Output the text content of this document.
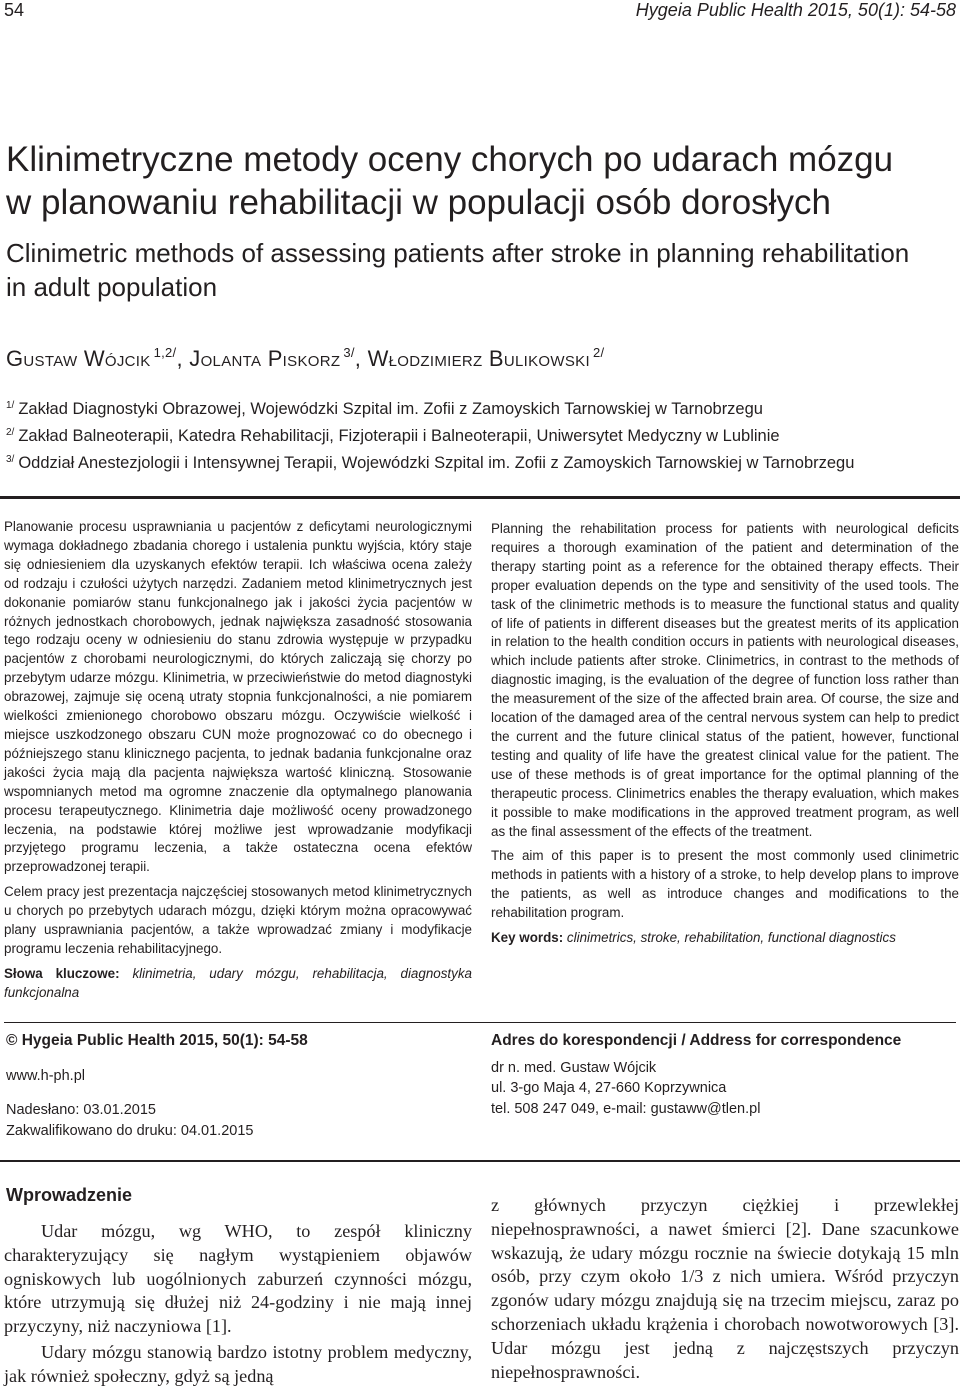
54	Hygeia Public Health 2015, 50(1): 54-58
Klinimetryczne metody oceny chorych po udarach mózgu
w planowaniu rehabilitacji w populacji osób dorosłych
Clinimetric methods of assessing patients after stroke in planning rehabilitation
in adult population
Gustaw Wójcik $^{1,2/}$, Jolanta Piskorz $^{3/}$, Włodzimierz Bulikowski $^{2/}$
$^{1/}$ Zakład Diagnostyki Obrazowej, Wojewódzki Szpital im. Zofii z Zamoyskich Tarnowskiej w Tarnobrzegu
$^{2/}$ Zakład Balneoterapii, Katedra Rehabilitacji, Fizjoterapii i Balneoterapii, Uniwersytet Medyczny w Lublinie
$^{3/}$ Oddział Anestezjologii i Intensywnej Terapii, Wojewódzki Szpital im. Zofii z Zamoyskich Tarnowskiej w Tarnobrzegu

Planowanie procesu usprawniania u pacjentów z deficytami neurologicznymi wymaga dokładnego zbadania chorego i ustalenia punktu wyjścia, który staje się odniesieniem dla uzyskanych efektów terapii. Ich właściwa ocena zależy od rodzaju i czułości użytych narzędzi. Zadaniem metod klinimetrycznych jest dokonanie pomiarów stanu funkcjonalnego jak i jakości życia pacjentów w różnych jednostkach chorobowych, jednak największa zasadność stosowania tego rodzaju oceny w odniesieniu do stanu zdrowia występuje w przypadku pacjentów z chorobami neurologicznymi, do których zaliczają się chorzy po przebytym udarze mózgu. Klinimetria, w przeciwieństwie do metod diagnostyki obrazowej, zajmuje się oceną utraty stopnia funkcjonalności, a nie pomiarem wielkości zmienionego chorobowo obszaru mózgu. Oczywiście wielkość i miejsce uszkodzonego obszaru CUN może prognozować co do obecnego i późniejszego stanu klinicznego pacjenta, to jednak badania funkcjonalne oraz jakości życia mają dla pacjenta największa wartość kliniczną. Stosowanie wspomnianych metod ma ogromne znaczenie dla optymalnego planowania procesu terapeutycznego. Klinimetria daje możliwość oceny prowadzonego leczenia, na podstawie której możliwe jest wprowadzanie modyfikacji przyjętego programu leczenia, a także ostateczna ocena efektów przeprowadzonej terapii.

Celem pracy jest prezentacja najczęściej stosowanych metod klinimetrycznych u chorych po przebytych udarach mózgu, dzięki którym można opracowywać plany usprawniania pacjentów, a także wprowadzać zmiany i modyfikacje programu leczenia rehabilitacyjnego.

Słowa kluczowe: klinimetria, udary mózgu, rehabilitacja, diagnostyka funkcjonalna

Planning the rehabilitation process for patients with neurological deficits requires a thorough examination of the patient and determination of the therapy starting point as a reference for the obtained therapy effects. Their proper evaluation depends on the type and sensitivity of the used tools. The task of the clinimetric methods is to measure the functional status and quality of life of patients in different diseases but the greatest merits of its application in relation to the health condition occurs in patients with neurological diseases, which include patients after stroke. Clinimetrics, in contrast to the methods of diagnostic imaging, is the evaluation of the degree of function loss rather than the measurement of the size of the affected brain area. Of course, the size and location of the damaged area of the central nervous system can help to predict the current and the future clinical status of the patient, however, functional testing and quality of life have the greatest clinical value for the patient. The use of these methods is of great importance for the optimal planning of the therapeutic process. Clinimetrics enables the therapy evaluation, which makes it possible to make modifications in the approved treatment program, as well as the final assessment of the effects of the treatment.

The aim of this paper is to present the most commonly used clinimetric methods in patients with a history of a stroke, to help develop plans to improve the patients, as well as introduce changes and modifications to the rehabilitation program.

Key words: clinimetrics, stroke, rehabilitation, functional diagnostics

© Hygeia Public Health 2015, 50(1): 54-58
www.h-ph.pl
Nadesłano: 03.01.2015
Zakwalifikowano do druku: 04.01.2015
Adres do korespondencji / Address for correspondence
dr n. med. Gustaw Wójcik
ul. 3-go Maja 4, 27-660 Koprzywnica
tel. 508 247 049, e-mail: gustaww@tlen.pl
Wprowadzenie

Udar mózgu, wg WHO, to zespół kliniczny charakteryzujący się nagłym wystąpieniem objawów ogniskowych lub uogólnionych zaburzeń czynności mózgu, które utrzymują się dłużej niż 24-godziny i nie mają innej przyczyny, niż naczyniowa [1].

Udary mózgu stanowią bardzo istotny problem medyczny, jak również społeczny, gdyż są jedną

z głównych przyczyn ciężkiej i przewlekłej niepełnosprawności, a nawet śmierci [2]. Dane szacunkowe wskazują, że udary mózgu rocznie na świecie dotykają 15 mln osób, przy czym około 1/3 z nich umiera. Wśród przyczyn zgonów udary mózgu znajdują się na trzecim miejscu, zaraz po schorzeniach układu krążenia i chorobach nowotworowych [3]. Udar mózgu jest jedną z najczęstszych przyczyn niepełnosprawności.
